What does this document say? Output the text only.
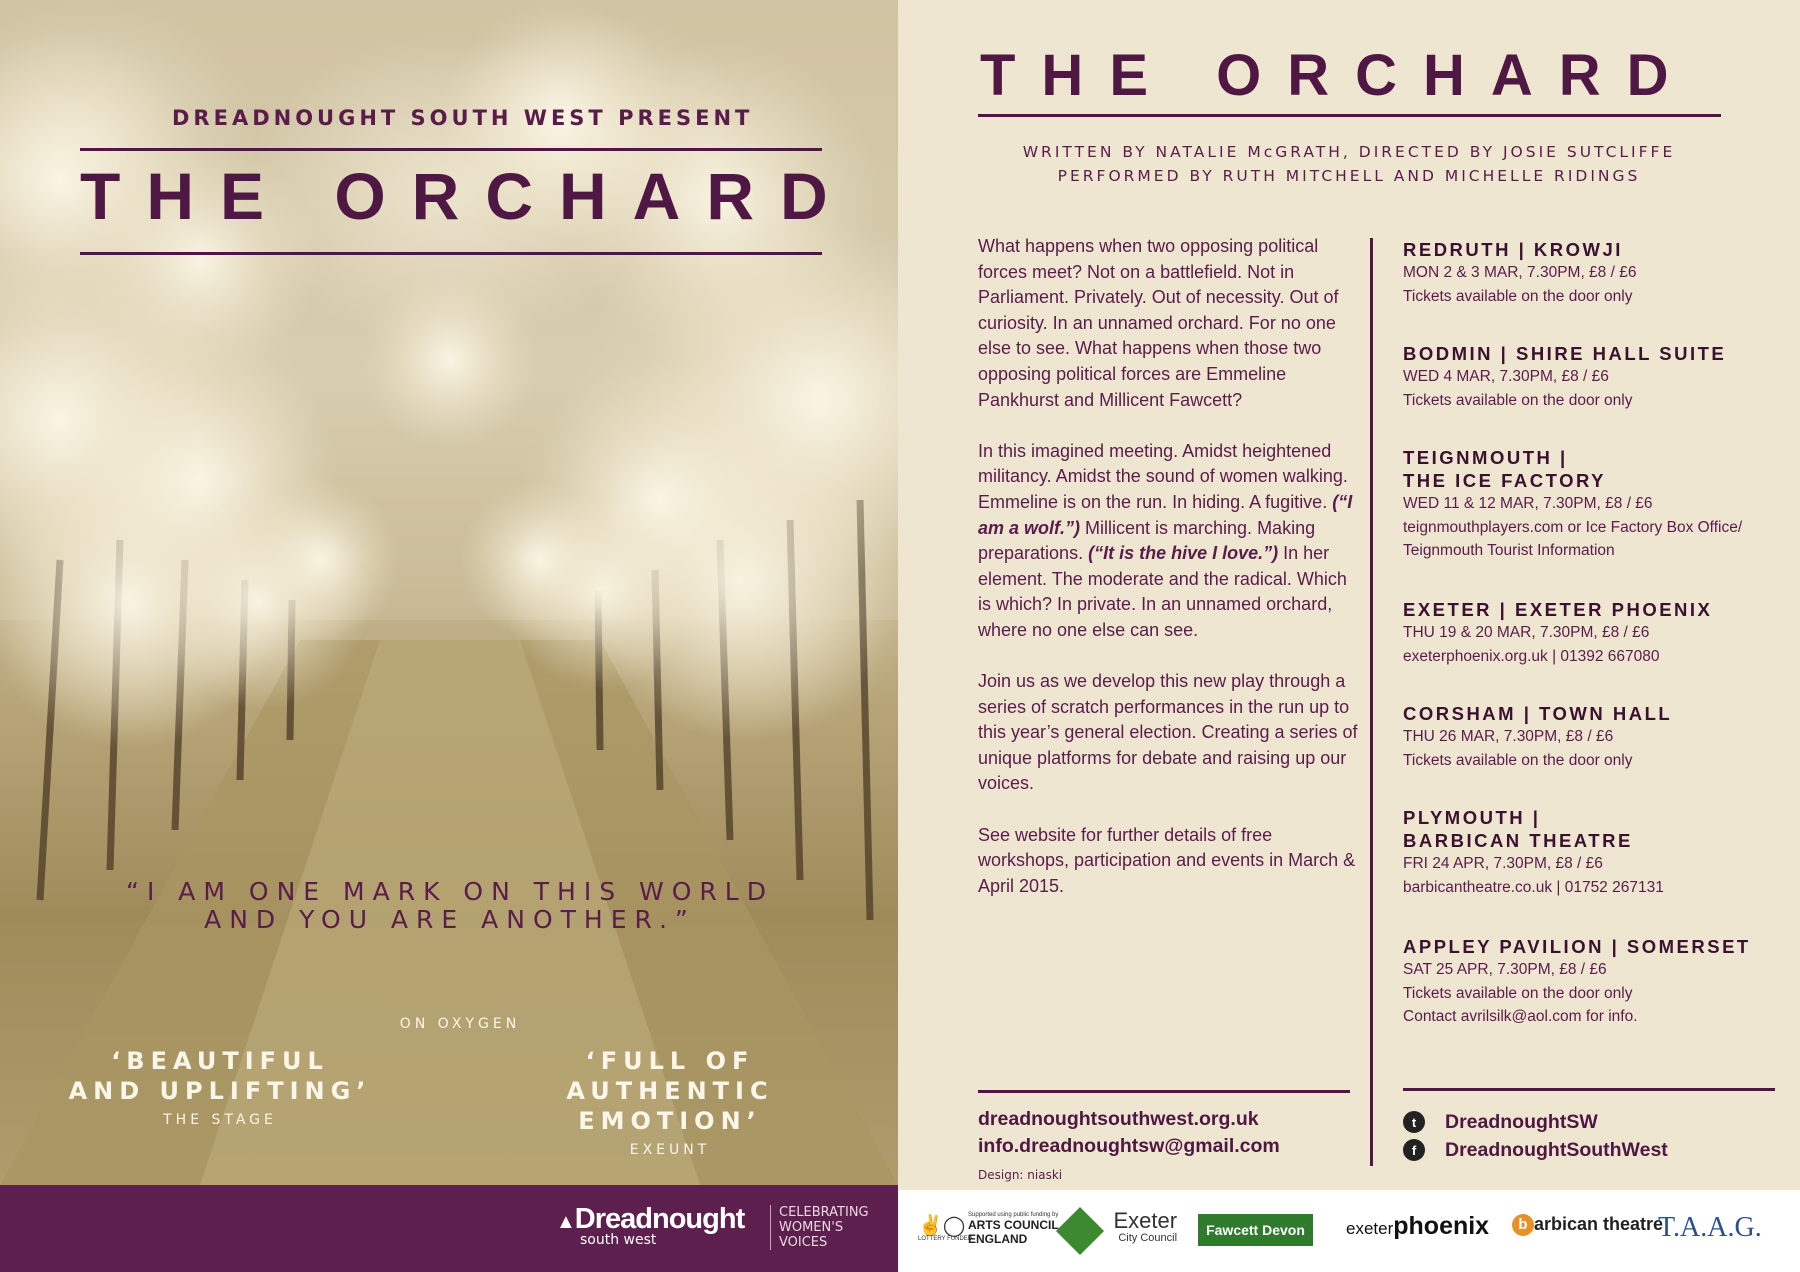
DREADNOUGHT SOUTH WEST PRESENT
THE ORCHARD
“I AM ONE MARK ON THIS WORLD
AND YOU ARE ANOTHER.”
ON OXYGEN
‘BEAUTIFUL
AND UPLIFTING’
THE STAGE
‘FULL OF
AUTHENTIC EMOTION’
EXEUNT
▲Dreadnought
south west
CELEBRATING
WOMEN'S
VOICES
THE ORCHARD
WRITTEN BY NATALIE McGRATH, DIRECTED BY JOSIE SUTCLIFFE
PERFORMED BY RUTH MITCHELL AND MICHELLE RIDINGS

What happens when two opposing political forces meet? Not on a battlefield. Not in Parliament. Privately. Out of necessity. Out of curiosity. In an unnamed orchard. For no one else to see. What happens when those two opposing political forces are Emmeline Pankhurst and Millicent Fawcett?

In this imagined meeting. Amidst heightened militancy. Amidst the sound of women walking. Emmeline is on the run. In hiding. A fugitive. (“I am a wolf.”) Millicent is marching. Making preparations. (“It is the hive I love.”) In her element. The moderate and the radical. Which is which? In private. In an unnamed orchard, where no one else can see.

Join us as we develop this new play through a series of scratch performances in the run up to this year’s general election. Creating a series of unique platforms for debate and raising up our voices.

See website for further details of free workshops, participation and events in March & April 2015.

REDRUTH | KROWJI
MON 2 & 3 MAR, 7.30PM, £8 / £6
Tickets available on the door only
BODMIN | SHIRE HALL SUITE
WED 4 MAR, 7.30PM, £8 / £6
Tickets available on the door only
TEIGNMOUTH |
THE ICE FACTORY
WED 11 & 12 MAR, 7.30PM, £8 / £6
teignmouthplayers.com or Ice Factory Box Office/
Teignmouth Tourist Information
EXETER | EXETER PHOENIX
THU 19 & 20 MAR, 7.30PM, £8 / £6
exeterphoenix.org.uk | 01392 667080
CORSHAM | TOWN HALL
THU 26 MAR, 7.30PM, £8 / £6
Tickets available on the door only
PLYMOUTH |
BARBICAN THEATRE
FRI 24 APR, 7.30PM, £8 / £6
barbicantheatre.co.uk | 01752 267131
APPLEY PAVILION | SOMERSET
SAT 25 APR, 7.30PM, £8 / £6
Tickets available on the door only
Contact avrilsilk@aol.com for info.
dreadnoughtsouthwest.org.uk
info.dreadnoughtsw@gmail.com
Design: niaski
t	DreadnoughtSW
f	DreadnoughtSouthWest
✌◯
LOTTERY FUNDED
Supported using public funding by
ARTS COUNCIL
ENGLAND

Exeter
City Council	Fawcett Devon	exeterphoenix	b arbican theatre
T.A.A.G.
